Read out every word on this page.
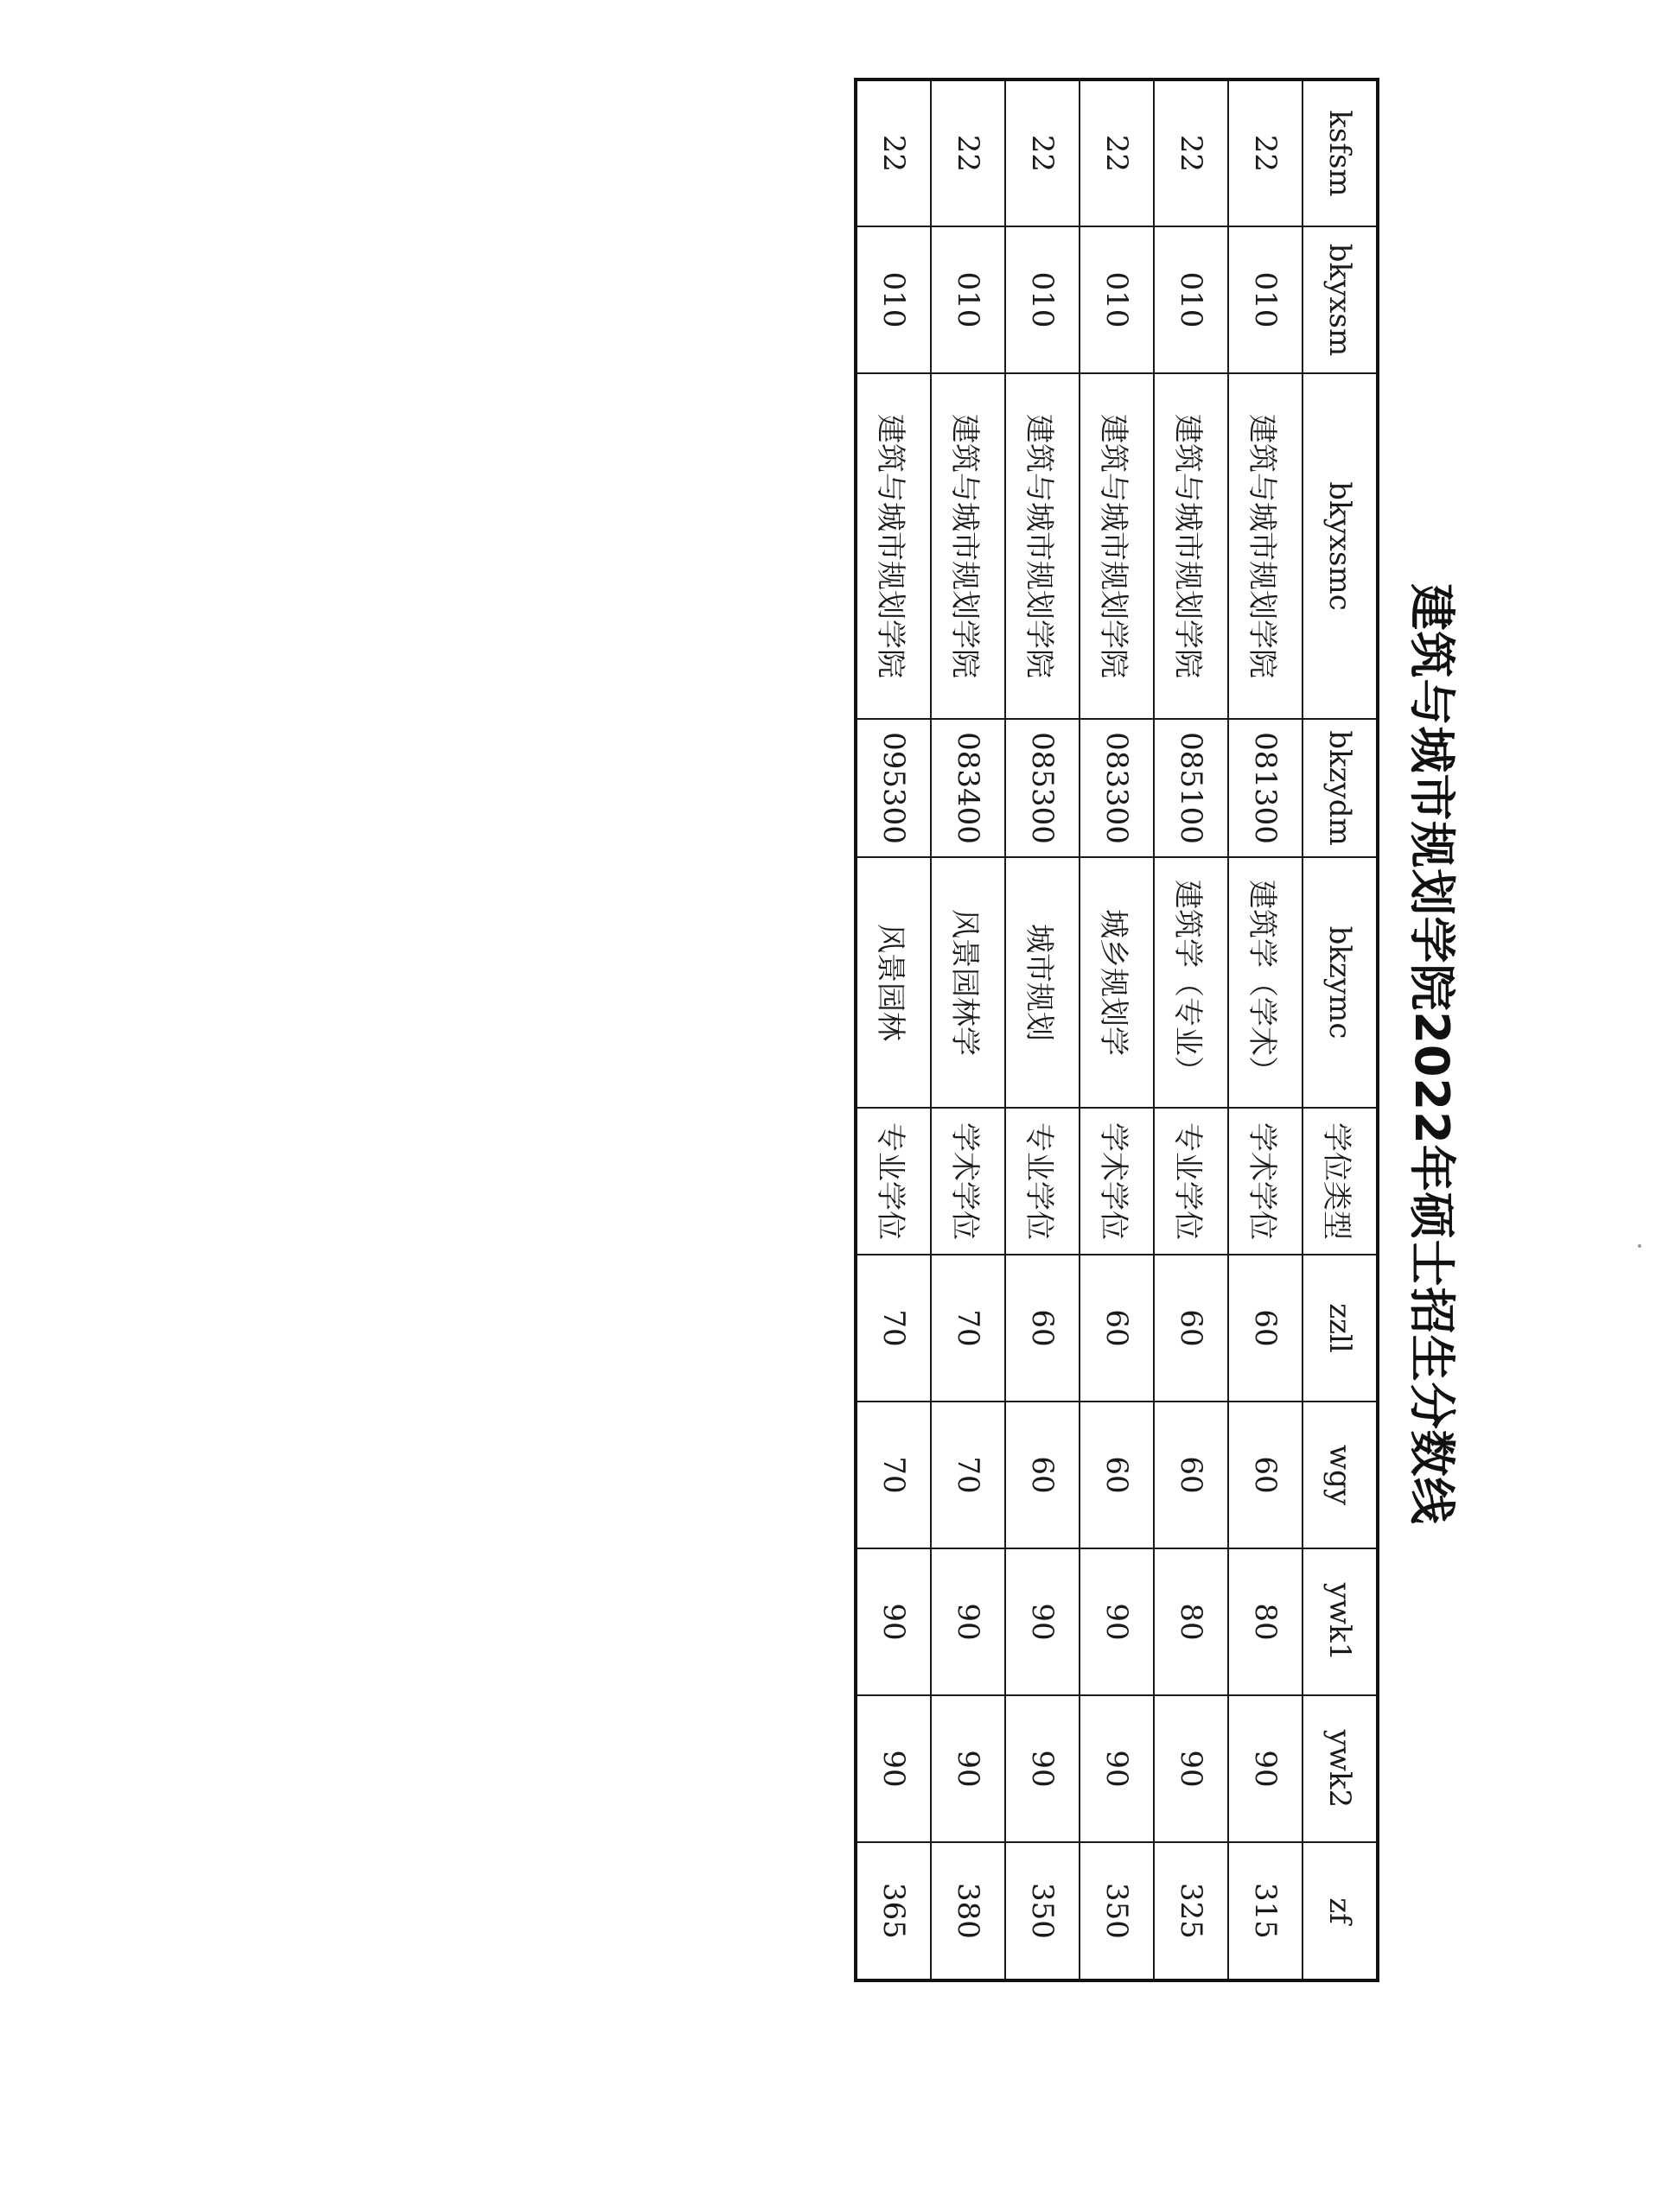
建筑与城市规划学院2022年硕士招生分数线
ksfsm	bkyxsm	bkyxsmc	bkzydm	bkzymc	学位类型	zzll	wgy	ywk1	ywk2	zf
22	010	建筑与城市规划学院	081300	建筑学（学术）	学术学位	60	60	80	90	315
22	010	建筑与城市规划学院	085100	建筑学（专业）	专业学位	60	60	80	90	325
22	010	建筑与城市规划学院	083300	城乡规划学	学术学位	60	60	90	90	350
22	010	建筑与城市规划学院	085300	城市规划	专业学位	60	60	90	90	350
22	010	建筑与城市规划学院	083400	风景园林学	学术学位	70	70	90	90	380
22	010	建筑与城市规划学院	095300	风景园林	专业学位	70	70	90	90	365
